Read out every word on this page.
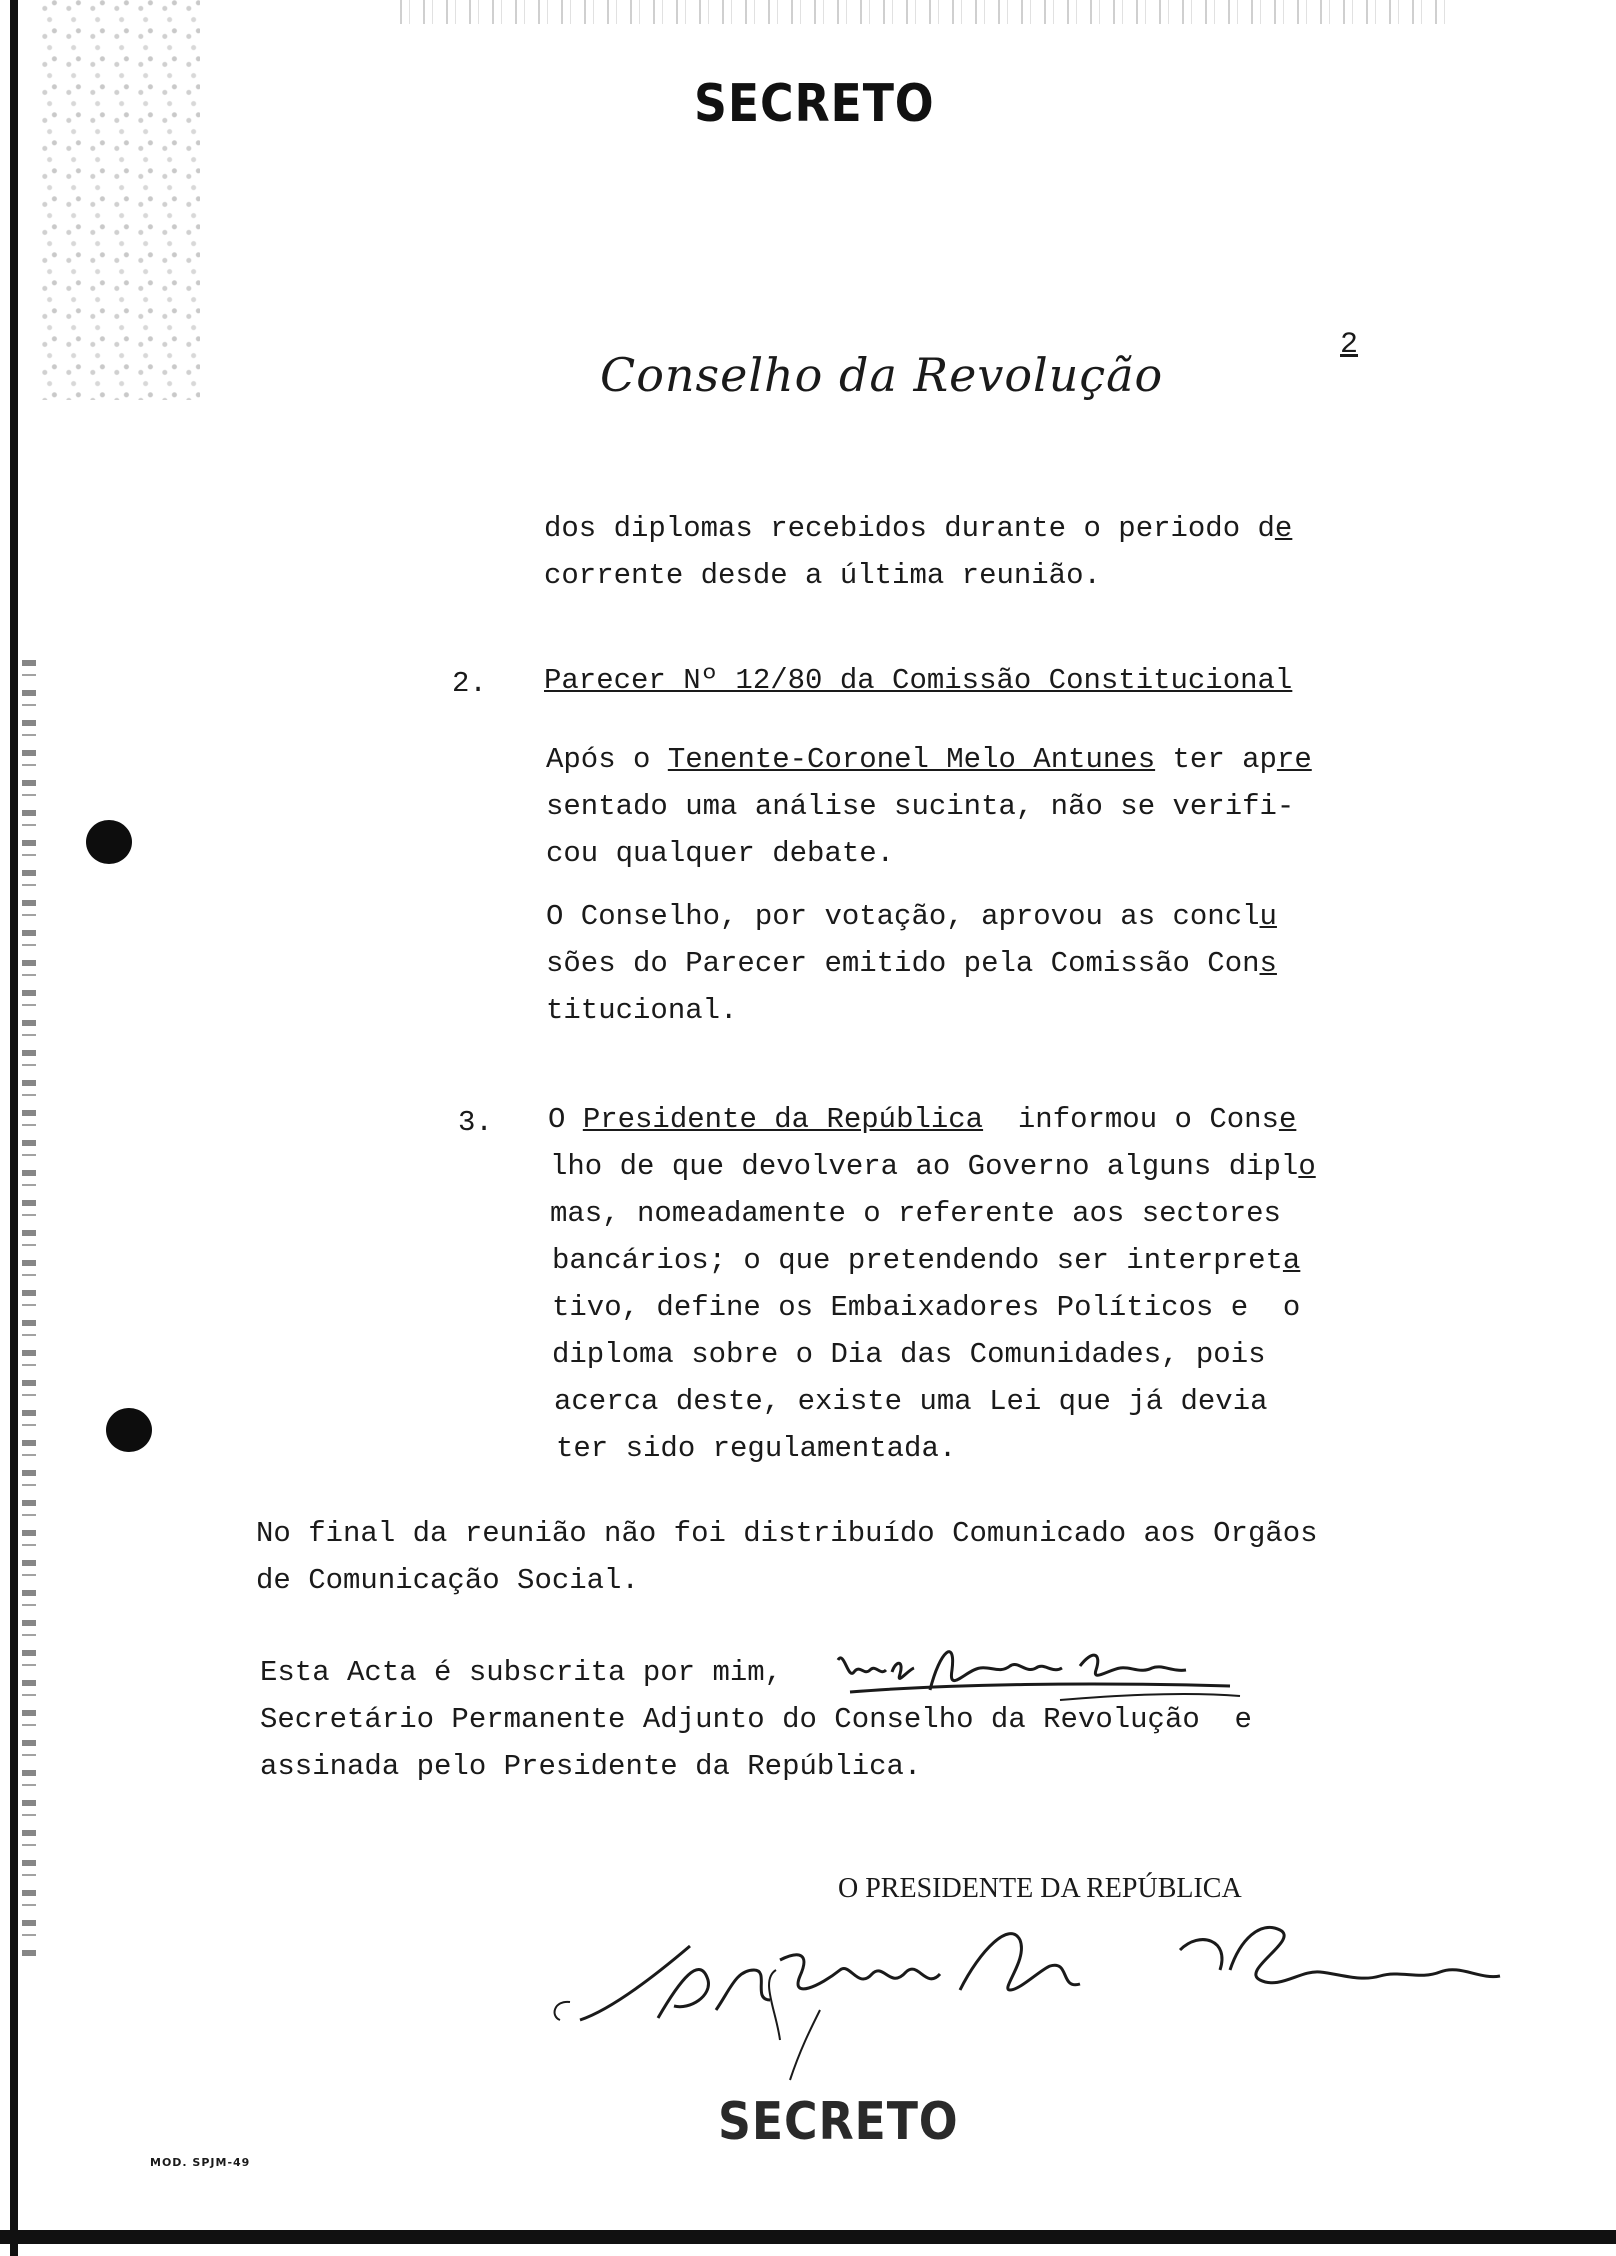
SECRETO
Conselho da Revolução
2
dos diplomas recebidos durante o periodo de
corrente desde a última reunião.
2. Parecer Nº 12/80 da Comissão Constitucional
Após o Tenente-Coronel Melo Antunes ter apre
sentado uma análise sucinta, não se verifi-
cou qualquer debate.
O Conselho, por votação, aprovou as conclu
sões do Parecer emitido pela Comissão Cons
titucional.
3. O Presidente da República  informou o Conse
lho de que devolvera ao Governo alguns diplo
mas, nomeadamente o referente aos sectores
bancários; o que pretendendo ser interpreta
tivo, define os Embaixadores Políticos e  o
diploma sobre o Dia das Comunidades, pois
acerca deste, existe uma Lei que já devia
ter sido regulamentada.
No final da reunião não foi distribuído Comunicado aos Orgãos
de Comunicação Social.
Esta Acta é subscrita por mim,
Secretário Permanente Adjunto do Conselho da Revolução  e
assinada pelo Presidente da República.
O PRESIDENTE DA REPÚBLICA
SECRETO
MOD. SPJM-49
